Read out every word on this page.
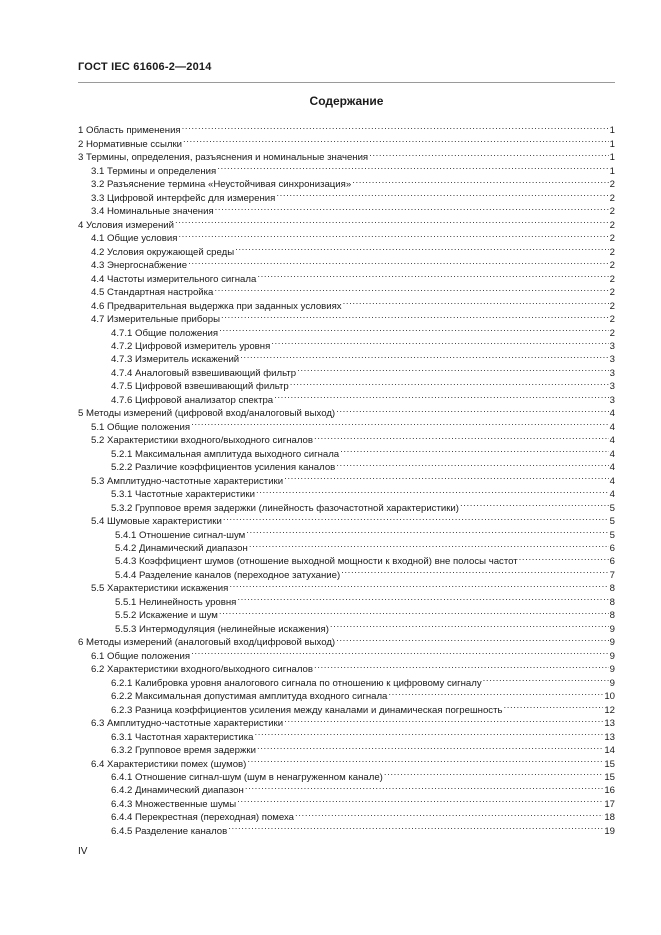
ГОСТ IEC 61606-2—2014
Содержание
1 Область применения .....	1
2 Нормативные ссылки .....	1
3 Термины, определения, разъяснения и номинальные значения .....	1
3.1 Термины и определения .....	1
3.2 Разъяснение термина «Неустойчивая синхронизация» .....	2
3.3 Цифровой интерфейс для измерения .....	2
3.4 Номинальные значения .....	2
4 Условия измерений .....	2
4.1 Общие условия .....	2
4.2 Условия окружающей среды .....	2
4.3 Энергоснабжение .....	2
4.4 Частоты измерительного сигнала .....	2
4.5 Стандартная настройка .....	2
4.6 Предварительная выдержка при заданных условиях .....	2
4.7 Измерительные приборы .....	2
4.7.1 Общие положения .....	2
4.7.2 Цифровой измеритель уровня .....	3
4.7.3 Измеритель искажений .....	3
4.7.4 Аналоговый взвешивающий фильтр .....	3
4.7.5 Цифровой взвешивающий фильтр .....	3
4.7.6 Цифровой анализатор спектра .....	3
5 Методы измерений (цифровой вход/аналоговый выход) .....	4
5.1 Общие положения .....	4
5.2 Характеристики входного/выходного сигналов .....	4
5.2.1 Максимальная амплитуда выходного сигнала .....	4
5.2.2 Различие коэффициентов усиления каналов .....	4
5.3 Амплитудно-частотные характеристики .....	4
5.3.1 Частотные характеристики .....	4
5.3.2 Групповое время задержки (линейность фазочастотной характеристики) .....	5
5.4 Шумовые характеристики .....	5
5.4.1 Отношение сигнал-шум .....	5
5.4.2 Динамический диапазон .....	6
5.4.3 Коэффициент шумов (отношение выходной мощности к входной) вне полосы частот .....	6
5.4.4 Разделение каналов (переходное затухание) .....	7
5.5 Характеристики искажения .....	8
5.5.1 Нелинейность уровня .....	8
5.5.2 Искажение и шум .....	8
5.5.3 Интермодуляция (нелинейные искажения) .....	9
6 Методы измерений (аналоговый вход/цифровой выход) .....	9
6.1 Общие положения .....	9
6.2 Характеристики входного/выходного сигналов .....	9
6.2.1 Калибровка уровня аналогового сигнала по отношению к цифровому сигналу .....	9
6.2.2 Максимальная допустимая амплитуда входного сигнала .....	10
6.2.3 Разница коэффициентов усиления между каналами и динамическая погрешность .....	12
6.3 Амплитудно-частотные характеристики .....	13
6.3.1 Частотная характеристика .....	13
6.3.2 Групповое время задержки .....	14
6.4 Характеристики помех (шумов) .....	15
6.4.1 Отношение сигнал-шум (шум в ненагруженном канале) .....	15
6.4.2 Динамический диапазон .....	16
6.4.3 Множественные шумы .....	17
6.4.4 Перекрестная (переходная) помеха .....	18
6.4.5 Разделение каналов .....	19
IV
